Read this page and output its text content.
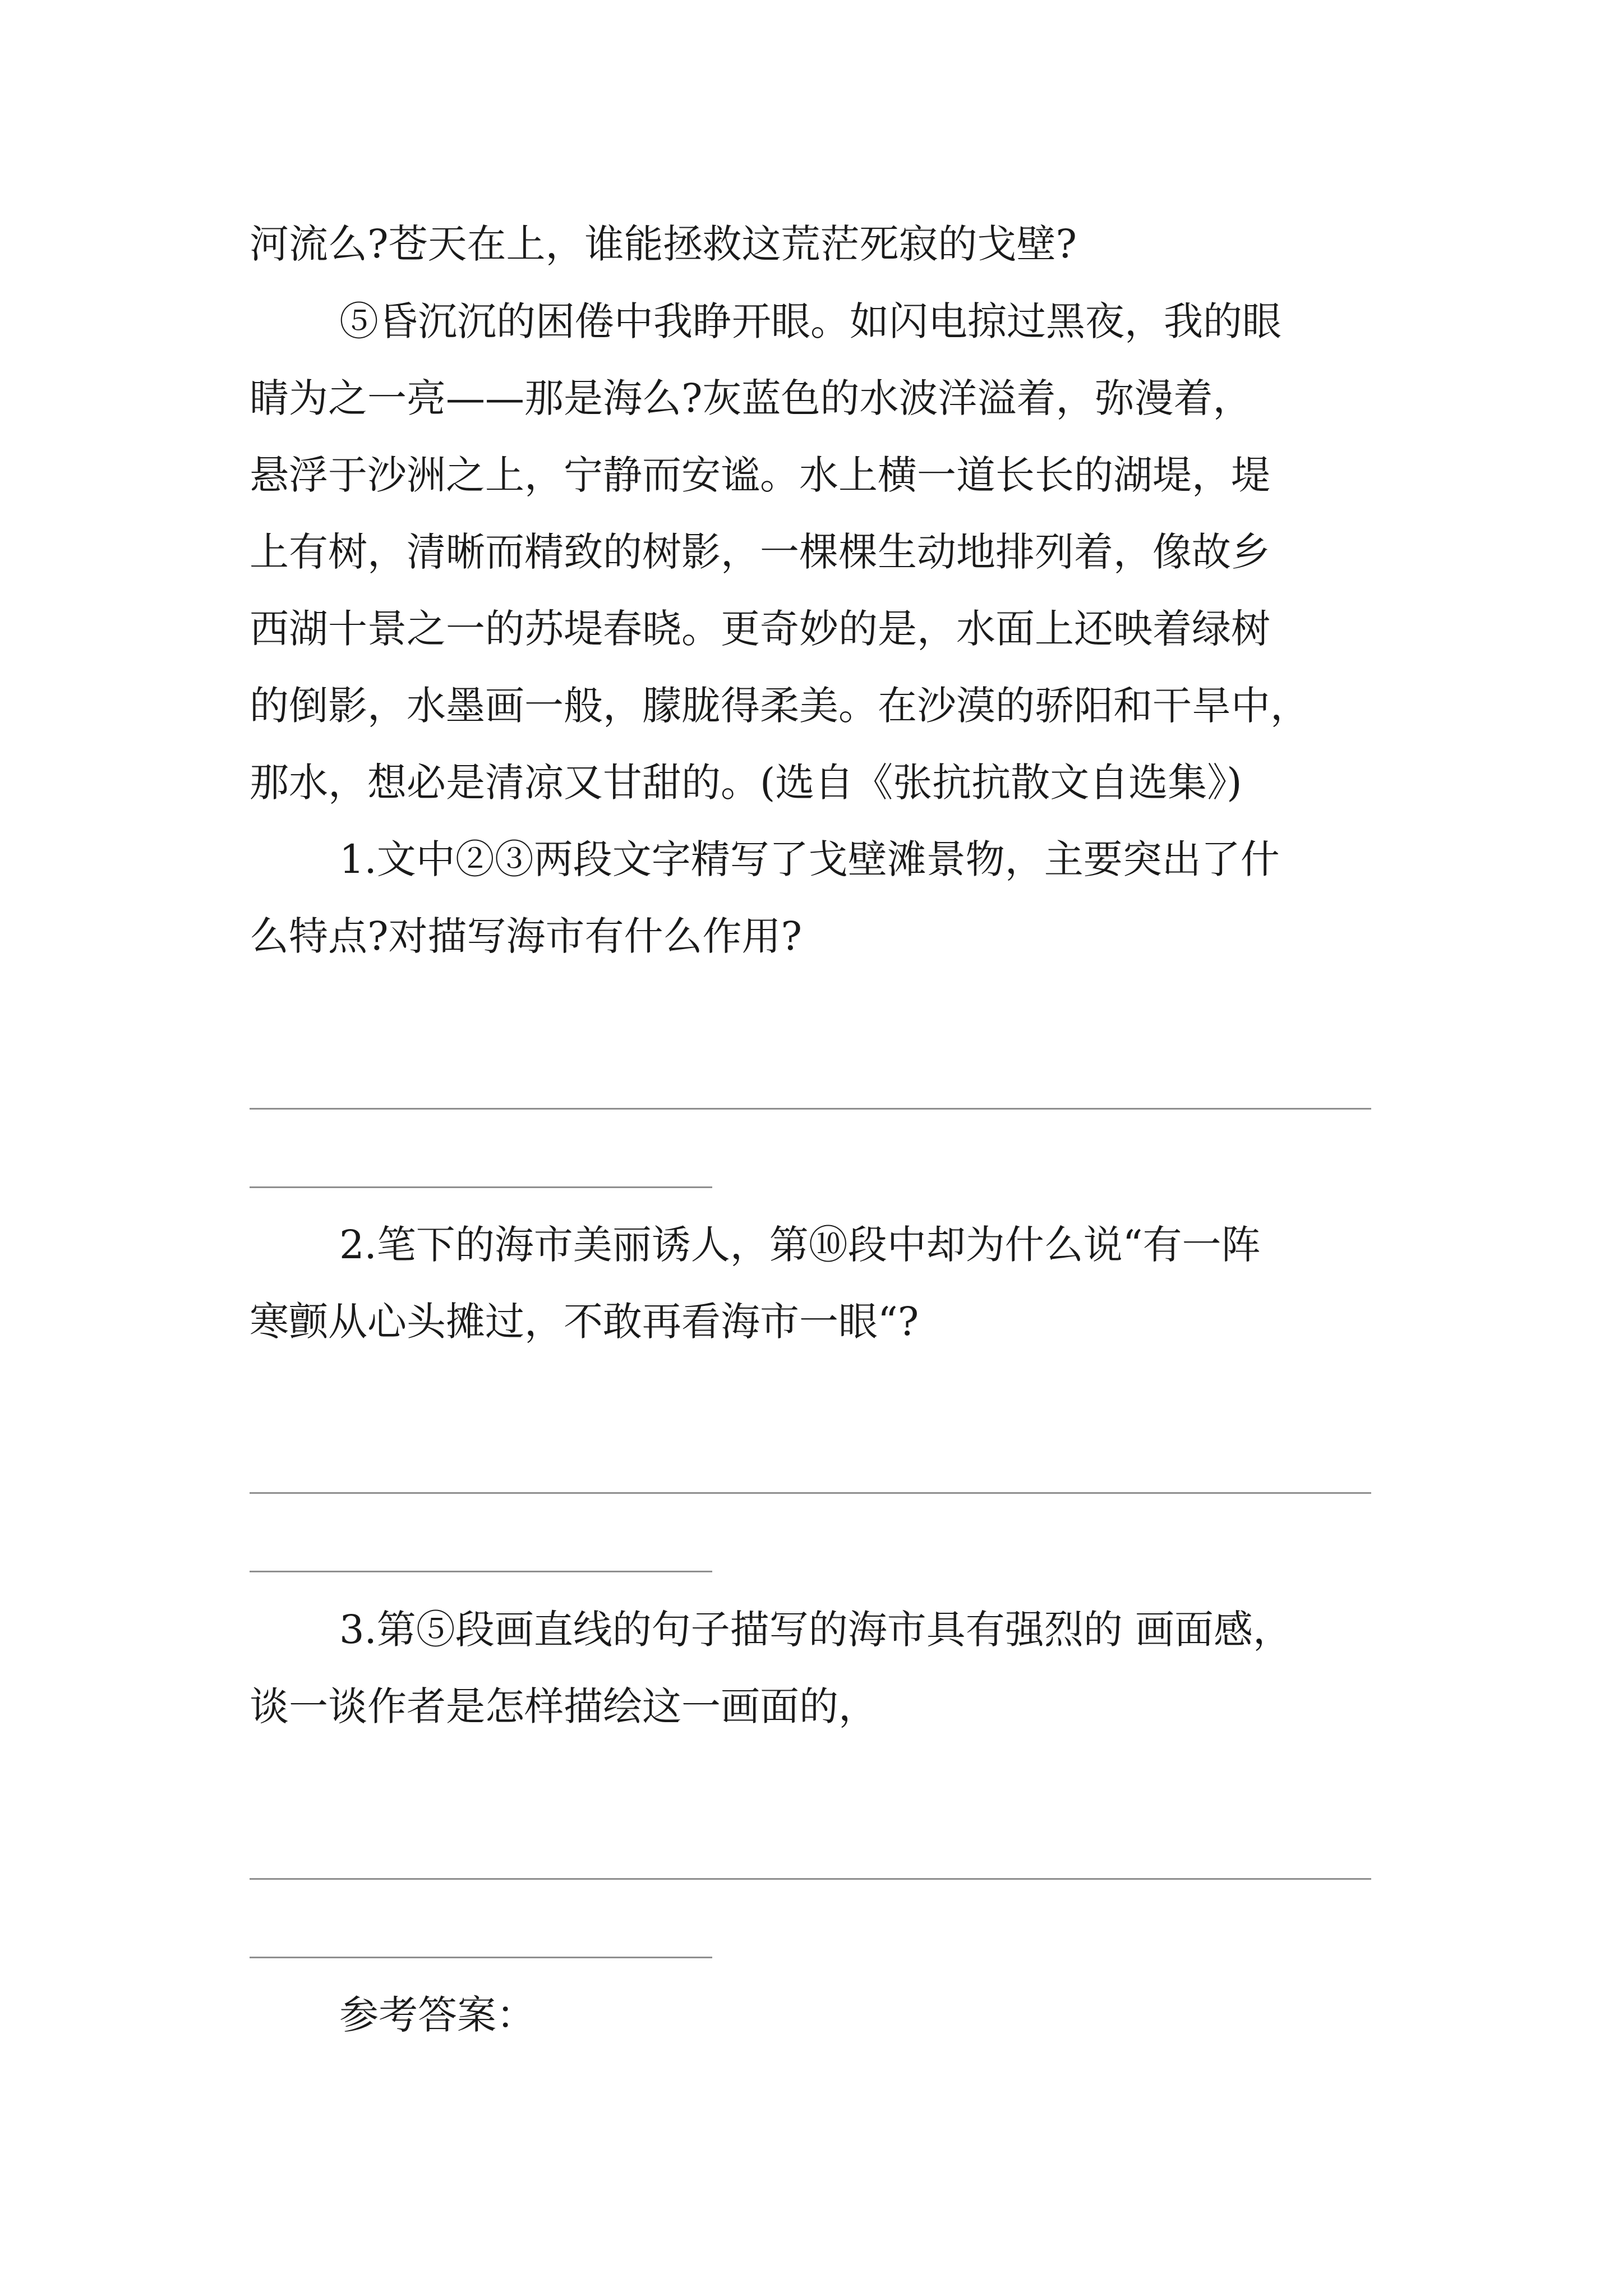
河流么?苍天在上，谁能拯救这荒茫死寂的戈壁?
⑤昏沉沉的困倦中我睁开眼。如闪电掠过黑夜，我的眼
睛为之一亮——那是海么?灰蓝色的水波洋溢着，弥漫着，
悬浮于沙洲之上，宁静而安谧。水上横一道长长的湖堤，堤
上有树，清晰而精致的树影，一棵棵生动地排列着，像故乡
西湖十景之一的苏堤春晓。更奇妙的是，水面上还映着绿树
的倒影，水墨画一般，朦胧得柔美。在沙漠的骄阳和干旱中，
那水，想必是清凉又甘甜的。(选自《张抗抗散文自选集》)
1.文中②③两段文字精写了戈壁滩景物，主要突出了什
么特点?对描写海市有什么作用?
2.笔下的海市美丽诱人，第⑩段中却为什么说“有一阵
寒颤从心头摊过，不敢再看海市一眼“?
3.第⑤段画直线的句子描写的海市具有强烈的 画面感，
谈一谈作者是怎样描绘这一画面的，
参考答案：
